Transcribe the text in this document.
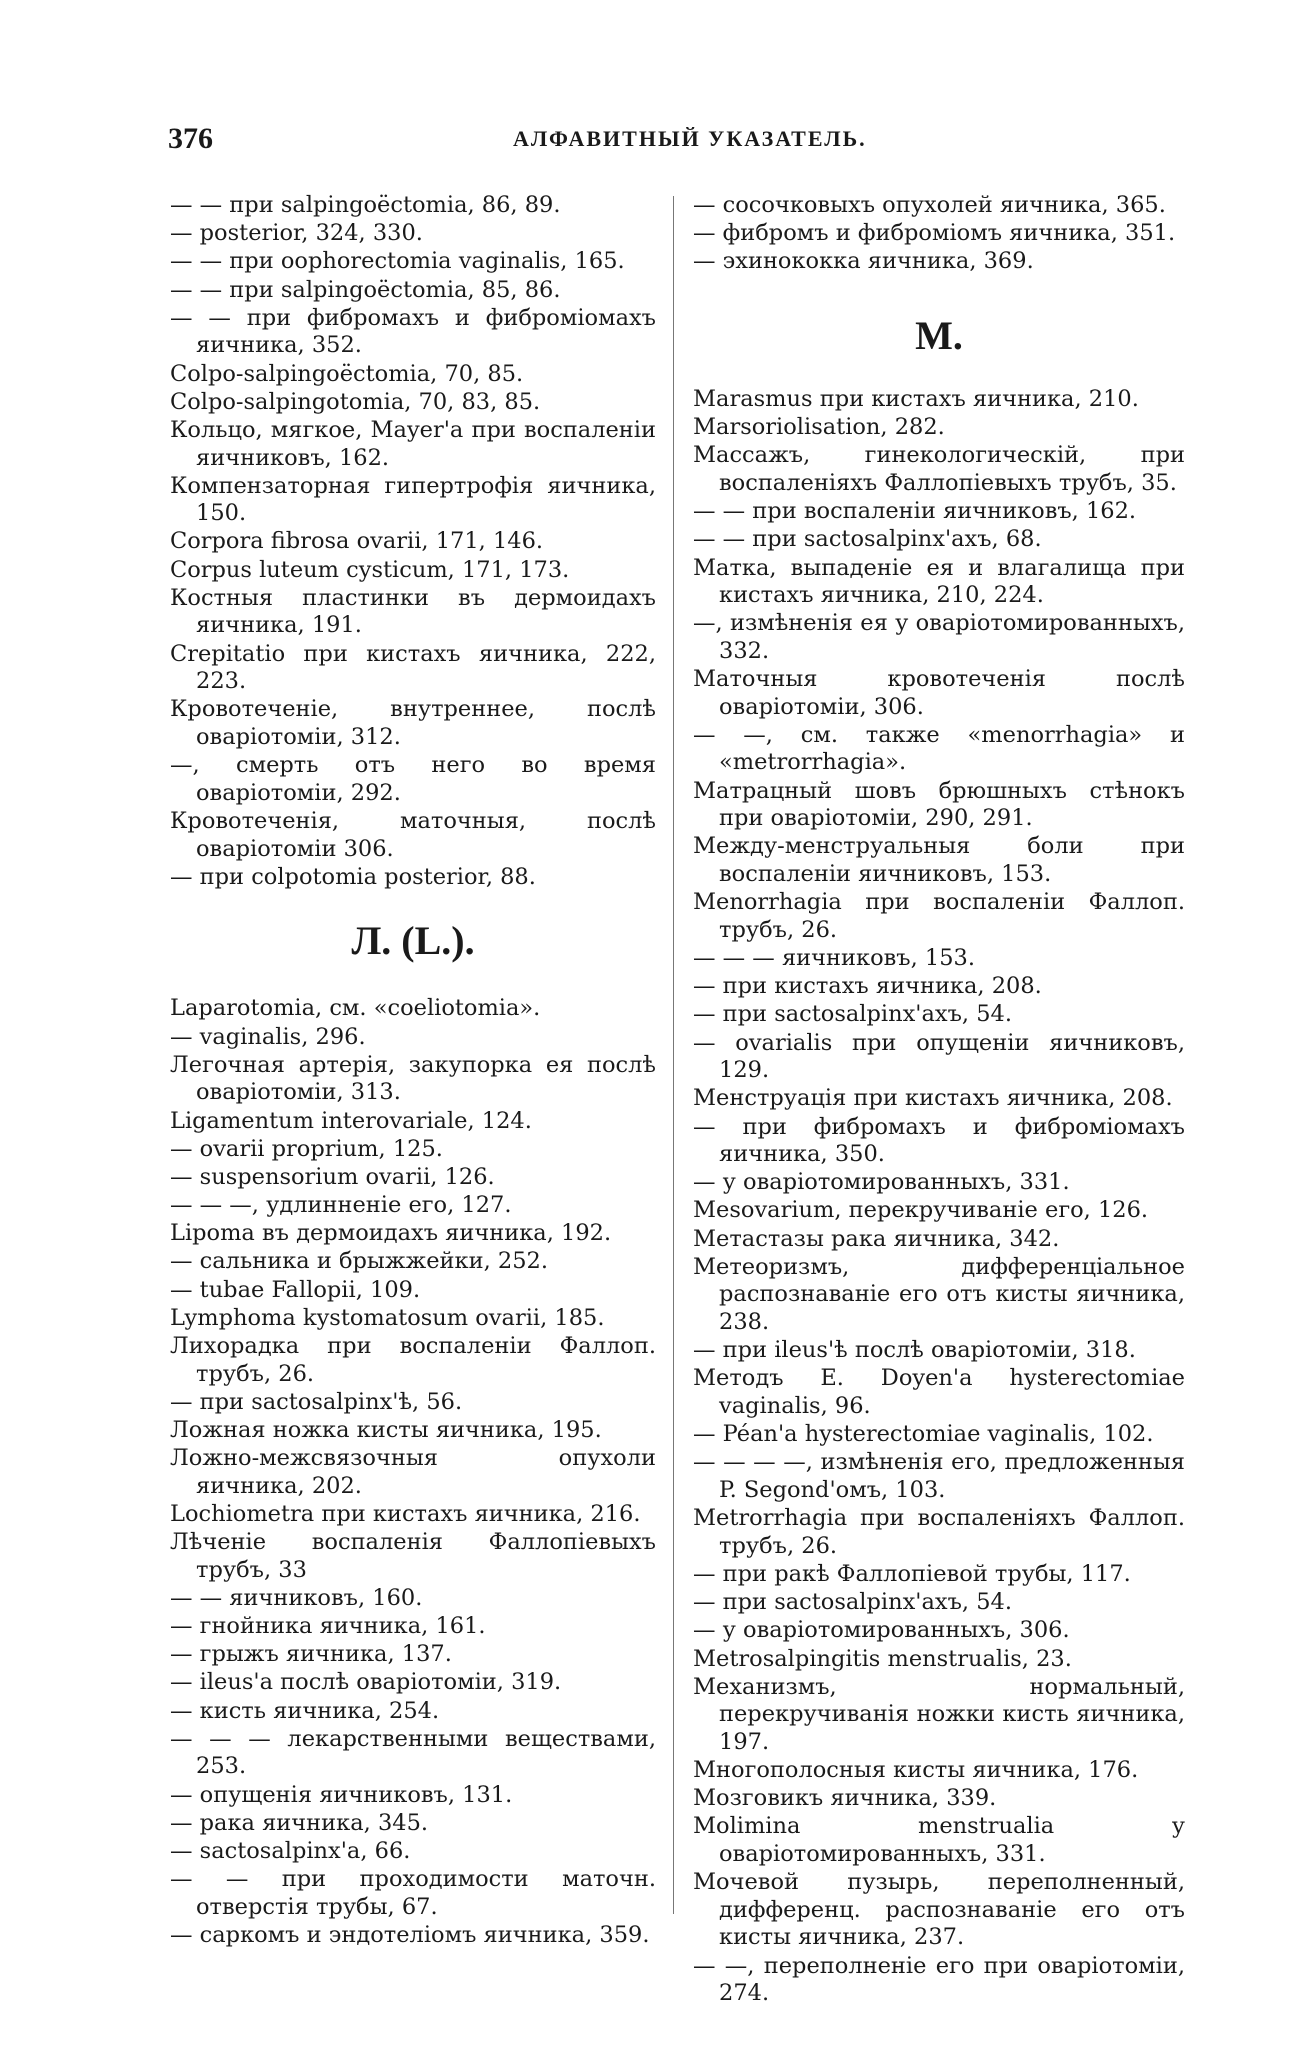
376	АЛФАВИТНЫЙ УКАЗАТЕЛЬ.
— — при salpingoëctomia, 86, 89.
— posterior, 324, 330.
— — при oophorectomia vaginalis, 165.
— — при salpingoëctomia, 85, 86.
— — при фибромахъ и фиброміомахъ яичника, 352.
Colpo-salpingoëctomia, 70, 85.
Colpo-salpingotomia, 70, 83, 85.
Кольцо, мягкое, Mayer'а при воспаленіи яичниковъ, 162.
Компензаторная гипертрофія яичника, 150.
Corpora fibrosa ovarii, 171, 146.
Corpus luteum cysticum, 171, 173.
Костныя пластинки въ дермоидахъ яичника, 191.
Crepitatio при кистахъ яичника, 222, 223.
Кровотеченіе, внутреннее, послѣ оваріотоміи, 312.
—, смерть отъ него во время оваріотоміи, 292.
Кровотеченія, маточныя, послѣ оваріотоміи 306.
— при colpotomia posterior, 88.
Л. (L.).
Laparotomia, см. «coeliotomia».
— vaginalis, 296.
Легочная артерія, закупорка ея послѣ оваріотоміи, 313.
Ligamentum interovariale, 124.
— ovarii proprium, 125.
— suspensorium ovarii, 126.
— — —, удлинненіе его, 127.
Lipoma въ дермоидахъ яичника, 192.
— сальника и брыжжейки, 252.
— tubae Fallopii, 109.
Lymphoma kystomatosum ovarii, 185.
Лихорадка при воспаленіи Фаллоп. трубъ, 26.
— при sactosalpinx'ѣ, 56.
Ложная ножка кисты яичника, 195.
Ложно-межсвязочныя опухоли яичника, 202.
Lochiometra при кистахъ яичника, 216.
Лѣченіе воспаленія Фаллопіевыхъ трубъ, 33
— — яичниковъ, 160.
— гнойника яичника, 161.
— грыжъ яичника, 137.
— ileus'а послѣ оваріотоміи, 319.
— кисть яичника, 254.
— — — лекарственными веществами, 253.
— опущенія яичниковъ, 131.
— рака яичника, 345.
— sactosalpinx'а, 66.
— — при проходимости маточн. отверстія трубы, 67.
— саркомъ и эндотеліомъ яичника, 359.
— сосочковыхъ опухолей яичника, 365.
— фибромъ и фиброміомъ яичника, 351.
— эхинококка яичника, 369.
М.
Marasmus при кистахъ яичника, 210.
Marsoriolisation, 282.
Массажъ, гинекологическій, при воспаленіяхъ Фаллопіевыхъ трубъ, 35.
— — при воспаленіи яичниковъ, 162.
— — при sactosalpinx'ахъ, 68.
Матка, выпаденіе ея и влагалища при кистахъ яичника, 210, 224.
—, измѣненія ея у оваріотомированныхъ, 332.
Маточныя кровотеченія послѣ оваріотоміи, 306.
— —, см. также «menorrhagia» и «metrorrhagia».
Матрацный шовъ брюшныхъ стѣнокъ при оваріотоміи, 290, 291.
Между-менструальныя боли при воспаленіи яичниковъ, 153.
Menorrhagia при воспаленіи Фаллоп. трубъ, 26.
— — — яичниковъ, 153.
— при кистахъ яичника, 208.
— при sactosalpinx'ахъ, 54.
— ovarialis при опущеніи яичниковъ, 129.
Менструація при кистахъ яичника, 208.
— при фибромахъ и фиброміомахъ яичника, 350.
— у оваріотомированныхъ, 331.
Mesovarium, перекручиваніе его, 126.
Метастазы рака яичника, 342.
Метеоризмъ, дифференціальное распознаваніе его отъ кисты яичника, 238.
— при ileus'ѣ послѣ оваріотоміи, 318.
Методъ E. Doyen'а hysterectomiae vaginalis, 96.
— Péan'а hysterectomiae vaginalis, 102.
— — — —, измѣненія его, предложенныя P. Segond'омъ, 103.
Metrorrhagia при воспаленіяхъ Фаллоп. трубъ, 26.
— при ракѣ Фаллопіевой трубы, 117.
— при sactosalpinx'ахъ, 54.
— у оваріотомированныхъ, 306.
Metrosalpingitis menstrualis, 23.
Механизмъ, нормальный, перекручиванія ножки кисть яичника, 197.
Многополосныя кисты яичника, 176.
Мозговикъ яичника, 339.
Molimina menstrualia у оваріотомированныхъ, 331.
Мочевой пузырь, переполненный, дифференц. распознаваніе его отъ кисты яичника, 237.
— —, переполненіе его при оваріотоміи, 274.
